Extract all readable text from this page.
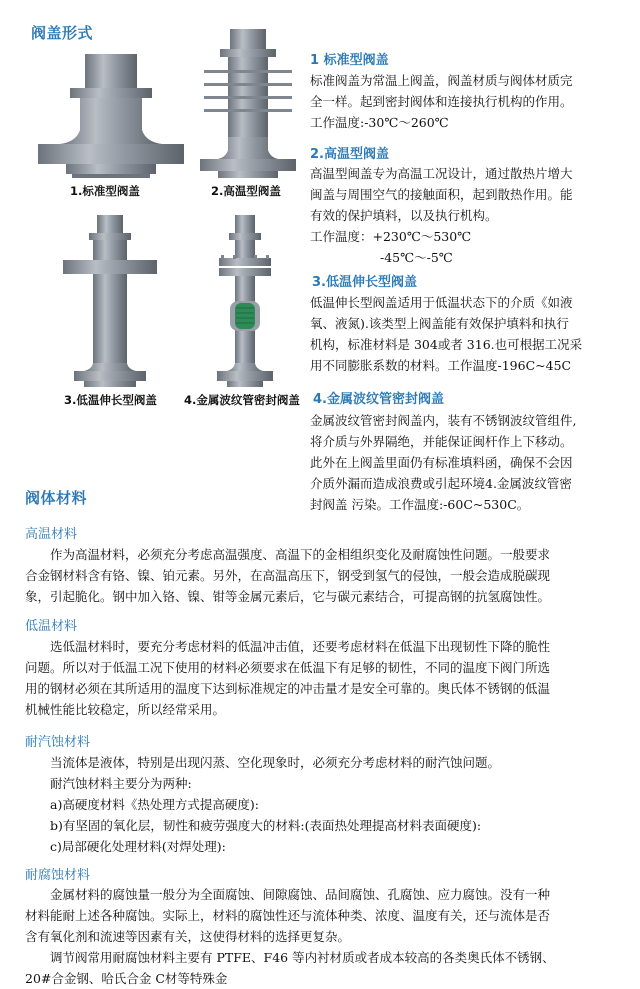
阀盖形式
1.标准型阀盖	2.高温型阀盖
3.低温伸长型阀盖 4.金属波纹管密封阀盖
1 标准型阀盖
标准阀盖为常温上阀盖，阀盖材质与阀体材质完
全一样。起到密封阀体和连接执行机构的作用。
工作温度:-30℃～260℃
2.高温型阀盖
高温型闽盖专为高温工况设计，通过散热片增大
闽盖与周围空气的接触面积，起到散热作用。能
有效的保护填料，以及执行机构。
工作温度：+230℃～530℃
-45℃～-5℃
3.低温伸长型阀盖
低温伸长型阀盖适用于低温状态下的介质《如液
氧、液氮).该类型上阀盖能有效保护填料和执行
机构，标准材料是 304或者 316.也可根据工况采
用不同膨胀系数的材料。工作温度-196C~45C
4.金属波纹管密封阀盖
金属波纹管密封阀盖内，装有不锈钢波纹管组件,
将介质与外界隔绝，并能保证闽杆作上下移动。
此外在上阀盖里面仍有标准填料函，确保不会因
介质外漏而造成浪费或引起环境4.金属波纹管密
封阀盖 污染。工作温度:-60C~530C。
阀体材料
高温材料
作为高温材料，必须充分考虑高温强度、高温下的金相组织变化及耐腐蚀性问题。一般要求
合金钢材料含有铬、镍、铂元素。另外，在高温高压下，钢受到氢气的侵蚀，一般会造成脱碳现
象，引起脆化。钢中加入铬、镍、钳等金属元素后，它与碳元素结合，可提高钢的抗氢腐蚀性。
低温材料
选低温材料时，要充分考虑材料的低温冲击值，还要考虑材料在低温下出现韧性下降的脆性
问题。所以对于低温工况下使用的材料必须要求在低温下有足够的韧性，不同的温度下阀门所选
用的钢材必须在其所适用的温度下达到标准规定的冲击量才是安全可靠的。奥氏体不锈钢的低温
机械性能比较稳定，所以经常采用。
耐汽蚀材料
当流体是液体，特别是出现闪蒸、空化现象时，必须充分考虑材料的耐汽蚀问题。
耐汽蚀材料主要分为两种:
a)高硬度材料《热处理方式提高硬度):
b)有坚固的氧化层，韧性和疲劳强度大的材料:(表面热处理提高材料表面硬度):
c)局部硬化处理材料(对焊处理):
耐腐蚀材料
金属材料的腐蚀量一般分为全面腐蚀、间隙腐蚀、品间腐蚀、孔腐蚀、应力腐蚀。没有一种
材料能耐上述各种腐蚀。实际上，材料的腐蚀性还与流体种类、浓度、温度有关，还与流体是否
含有氧化剂和流速等因素有关，这使得材料的选择更复杂。
调节阀常用耐腐蚀材料主要有 PTFE、F46 等内衬材质或者成本较高的各类奥氏体不锈钢、
20#合金钢、哈氏合金 C材等特殊金
